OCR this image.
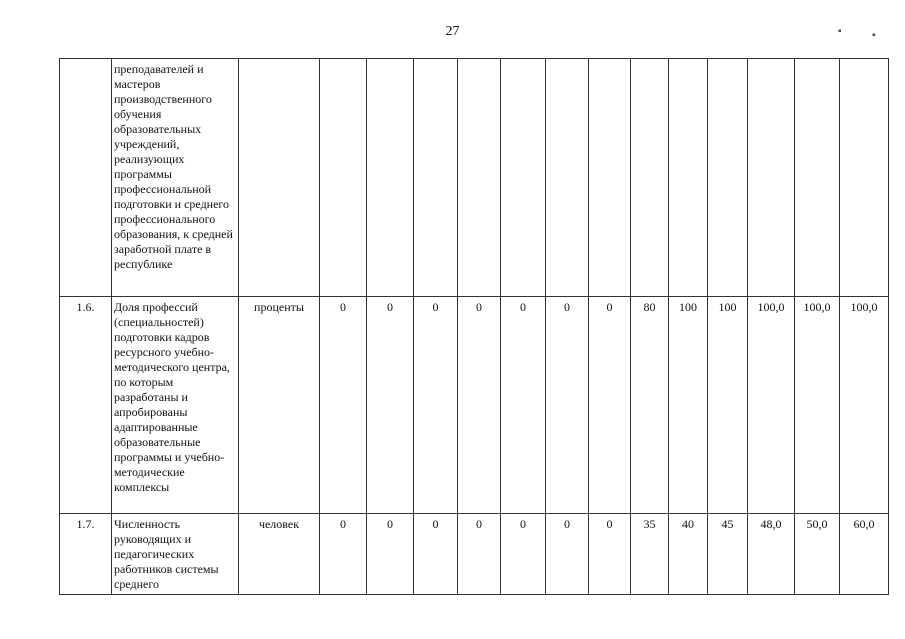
27	▪	▪
	преподавателей и мастеров производственного обучения образовательных учреждений, реализующих программы профессиональной подготовки и среднего профессионального образования, к средней заработной плате в республике														
1.6.	Доля профессий (специальностей) подготовки кадров ресурсного учебно-методического центра, по которым разработаны и апробированы адаптированные образовательные программы и учебно-методические комплексы	проценты	0	0	0	0	0	0	0	80	100	100	100,0	100,0	100,0
1.7.	Численность руководящих и педагогических работников системы среднего	человек	0	0	0	0	0	0	0	35	40	45	48,0	50,0	60,0
